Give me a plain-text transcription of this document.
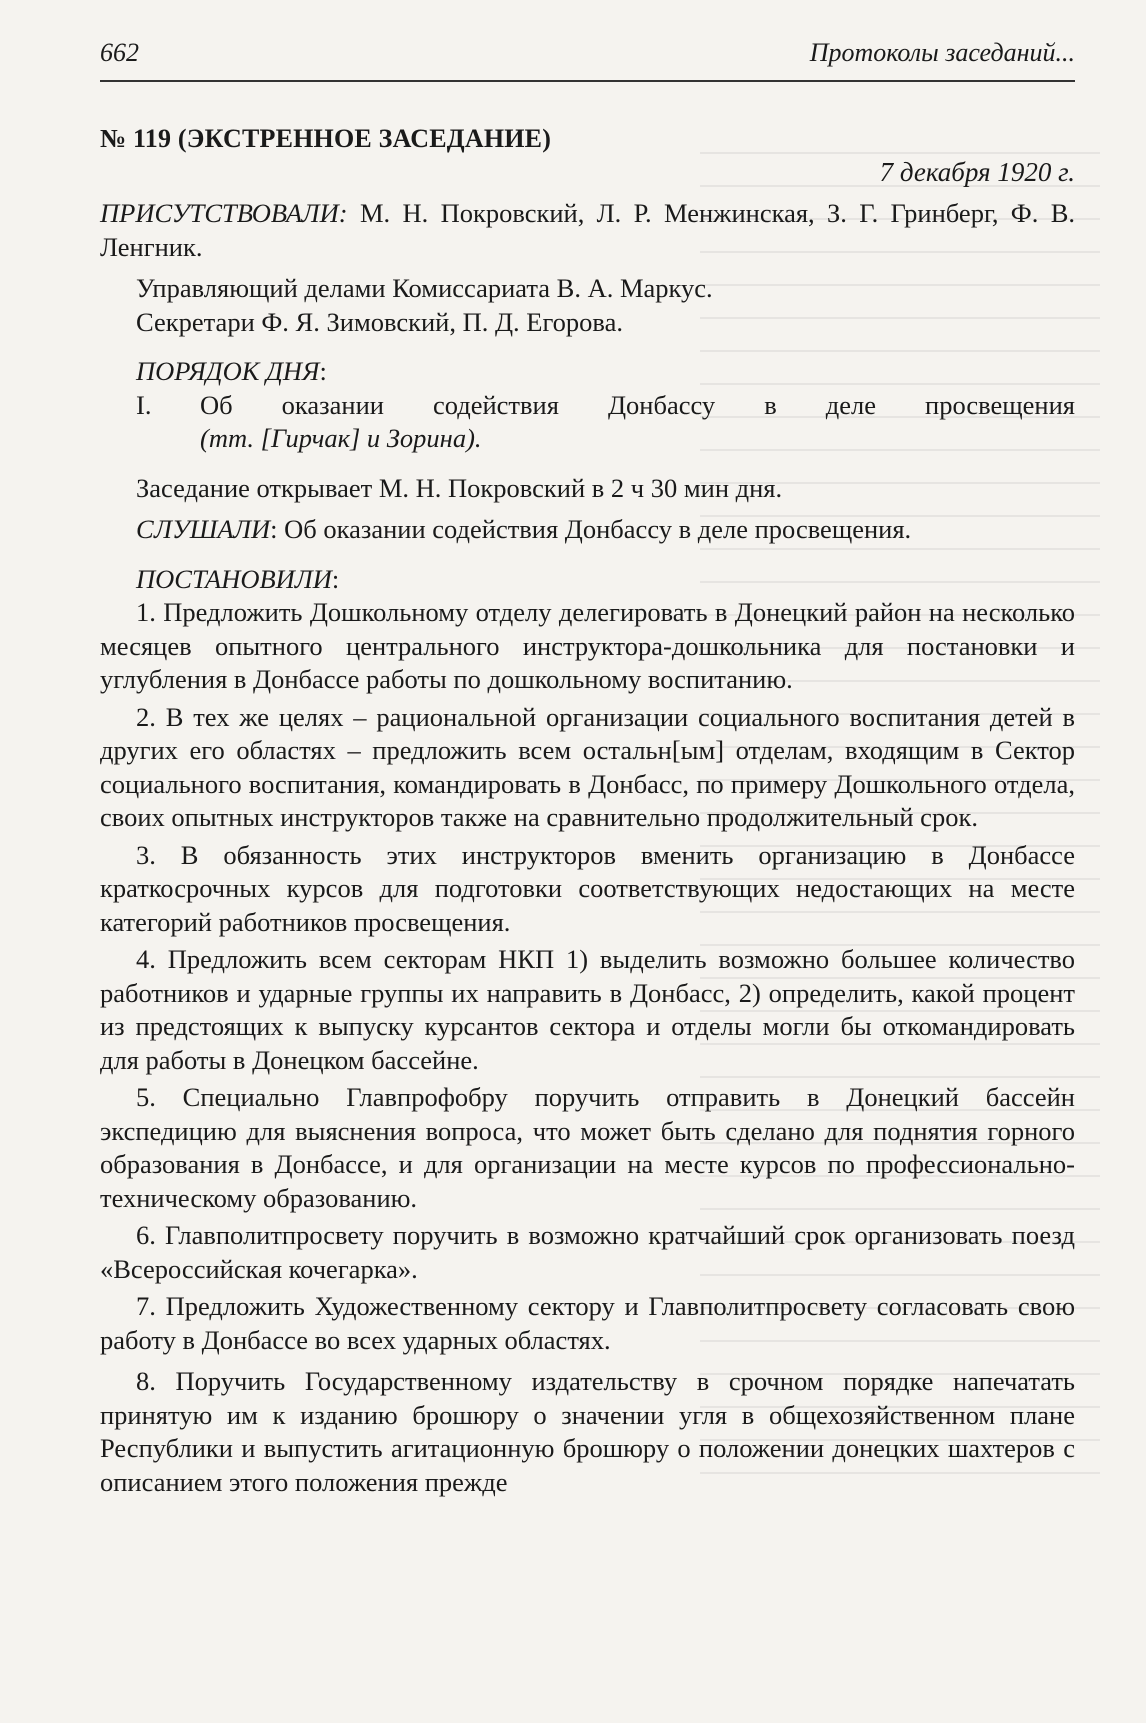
662	Протоколы заседаний...
№ 119 (ЭКСТРЕННОЕ ЗАСЕДАНИЕ)
7 декабря 1920 г.
ПРИСУТСТВОВАЛИ: М. Н. Покровский, Л. Р. Менжинская, З. Г. Гринберг, Ф. В. Ленгник.
Управляющий делами Комиссариата В. А. Маркус.
Секретари Ф. Я. Зимовский, П. Д. Егорова.
ПОРЯДОК ДНЯ:
I.	Об оказании содействия Донбассу в деле просвещения
(тт. [Гирчак] и Зорина).
Заседание открывает М. Н. Покровский в 2 ч 30 мин дня.
СЛУШАЛИ: Об оказании содействия Донбассу в деле просвещения.
ПОСТАНОВИЛИ:

1. Предложить Дошкольному отделу делегировать в Донецкий район на несколько месяцев опытного центрального инструктора-дошкольника для постановки и углубления в Донбассе работы по дошкольному воспитанию.

2. В тех же целях – рациональной организации социального воспитания детей в других его областях – предложить всем остальн[ым] отделам, входящим в Сектор социального воспитания, командировать в Донбасс, по примеру Дошкольного отдела, своих опытных инструкторов также на сравнительно продолжительный срок.

3. В обязанность этих инструкторов вменить организацию в Донбассе краткосрочных курсов для подготовки соответствующих недостающих на месте категорий работников просвещения.

4. Предложить всем секторам НКП 1) выделить возможно большее количество работников и ударные группы их направить в Донбасс, 2) определить, какой процент из предстоящих к выпуску курсантов сектора и отделы могли бы откомандировать для работы в Донецком бассейне.

5. Специально Главпрофобру поручить отправить в Донецкий бассейн экспедицию для выяснения вопроса, что может быть сделано для поднятия горного образования в Донбассе, и для организации на месте курсов по профессионально-техническому образованию.

6. Главполитпросвету поручить в возможно кратчайший срок организовать поезд «Всероссийская кочегарка».

7. Предложить Художественному сектору и Главполитпросвету согласовать свою работу в Донбассе во всех ударных областях.

8. Поручить Государственному издательству в срочном порядке напечатать принятую им к изданию брошюру о значении угля в общехозяйственном плане Республики и выпустить агитационную брошюру о положении донецких шахтеров с описанием этого положения прежде
